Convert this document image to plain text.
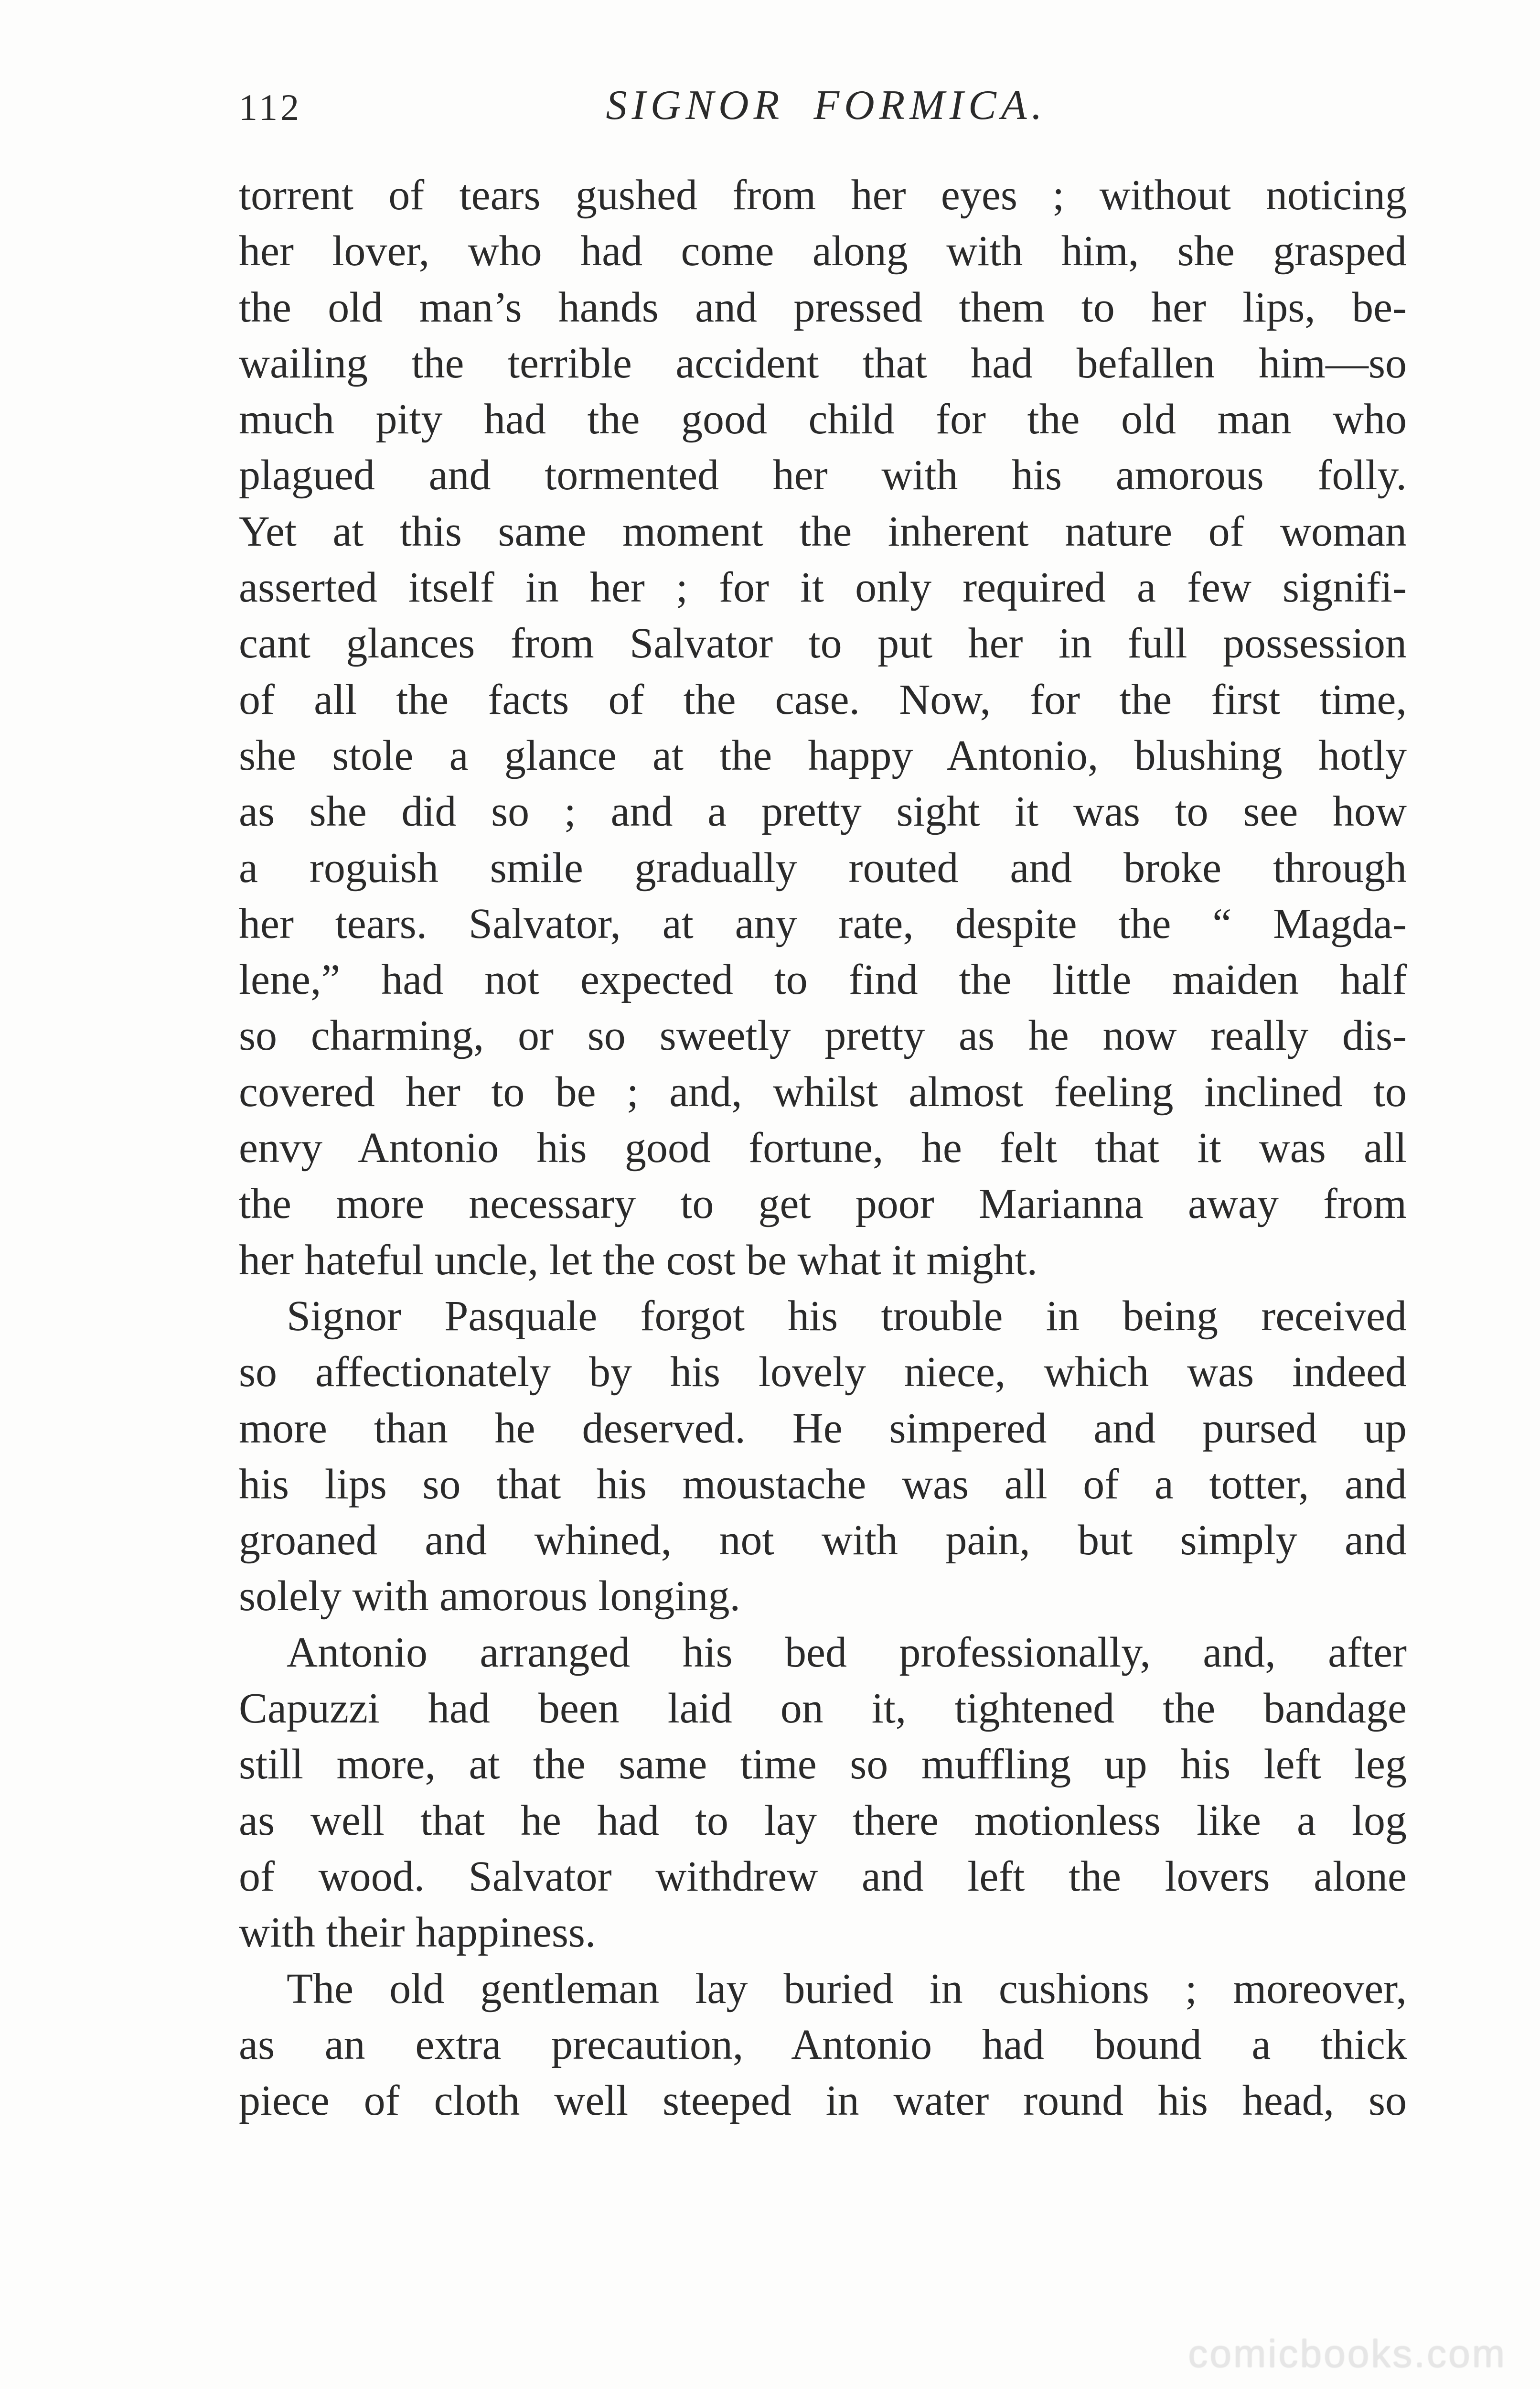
112	SIGNOR FORMICA.
torrent of tears gushed from her eyes ; without noticing
her lover, who had come along with him, she grasped
the old man’s hands and pressed them to her lips, be-
wailing the terrible accident that had befallen him—so
much pity had the good child for the old man who
plagued and tormented her with his amorous folly.
Yet at this same moment the inherent nature of woman
asserted itself in her ; for it only required a few signifi-
cant glances from Salvator to put her in full possession
of all the facts of the case. Now, for the first time,
she stole a glance at the happy Antonio, blushing hotly
as she did so ; and a pretty sight it was to see how
a roguish smile gradually routed and broke through
her tears. Salvator, at any rate, despite the “ Magda-
lene,” had not expected to find the little maiden half
so charming, or so sweetly pretty as he now really dis-
covered her to be ; and, whilst almost feeling inclined to
envy Antonio his good fortune, he felt that it was all
the more necessary to get poor Marianna away from
her hateful uncle, let the cost be what it might.
Signor Pasquale forgot his trouble in being received
so affectionately by his lovely niece, which was indeed
more than he deserved. He simpered and pursed up
his lips so that his moustache was all of a totter, and
groaned and whined, not with pain, but simply and
solely with amorous longing.
Antonio arranged his bed professionally, and, after
Capuzzi had been laid on it, tightened the bandage
still more, at the same time so muffling up his left leg
as well that he had to lay there motionless like a log
of wood. Salvator withdrew and left the lovers alone
with their happiness.
The old gentleman lay buried in cushions ; moreover,
as an extra precaution, Antonio had bound a thick
piece of cloth well steeped in water round his head, so
comicbooks.com
